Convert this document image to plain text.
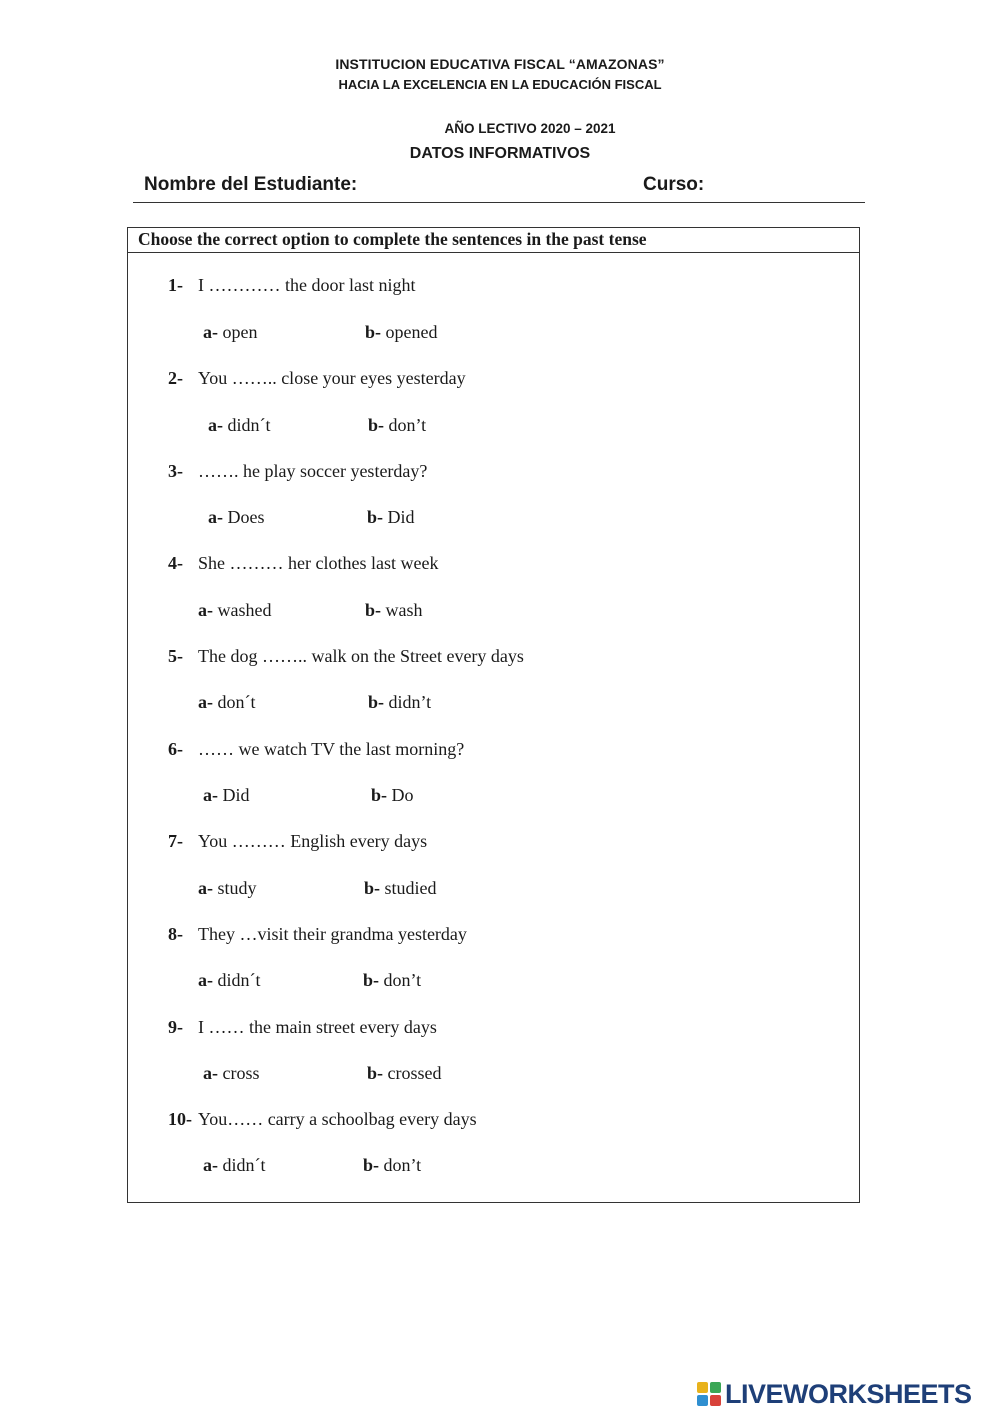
INSTITUCION EDUCATIVA FISCAL “AMAZONAS”
HACIA LA EXCELENCIA EN LA EDUCACIÓN FISCAL
AÑO LECTIVO 2020 – 2021
DATOS INFORMATIVOS
Nombre del Estudiante:	Curso:
Choose the correct option to complete the sentences in the past tense
1- I ………… the door last night
a- open	b- opened
2- You …….. close your eyes yesterday
a- didn´t	b- don’t
3- ……. he play soccer yesterday?
a- Does	b- Did
4- She ……… her clothes last week
a- washed	b- wash
5- The dog …….. walk on the Street every days
a- don´t	b- didn’t
6- …… we watch TV the last morning?
a- Did	b- Do
7- You ……… English every days
a- study	b- studied
8- They …visit their grandma yesterday
a- didn´t	b- don’t
9- I …… the main street every days
a- cross	b- crossed
10- You…… carry a schoolbag every days
a- didn´t	b- don’t
LIVEWORKSHEETS
